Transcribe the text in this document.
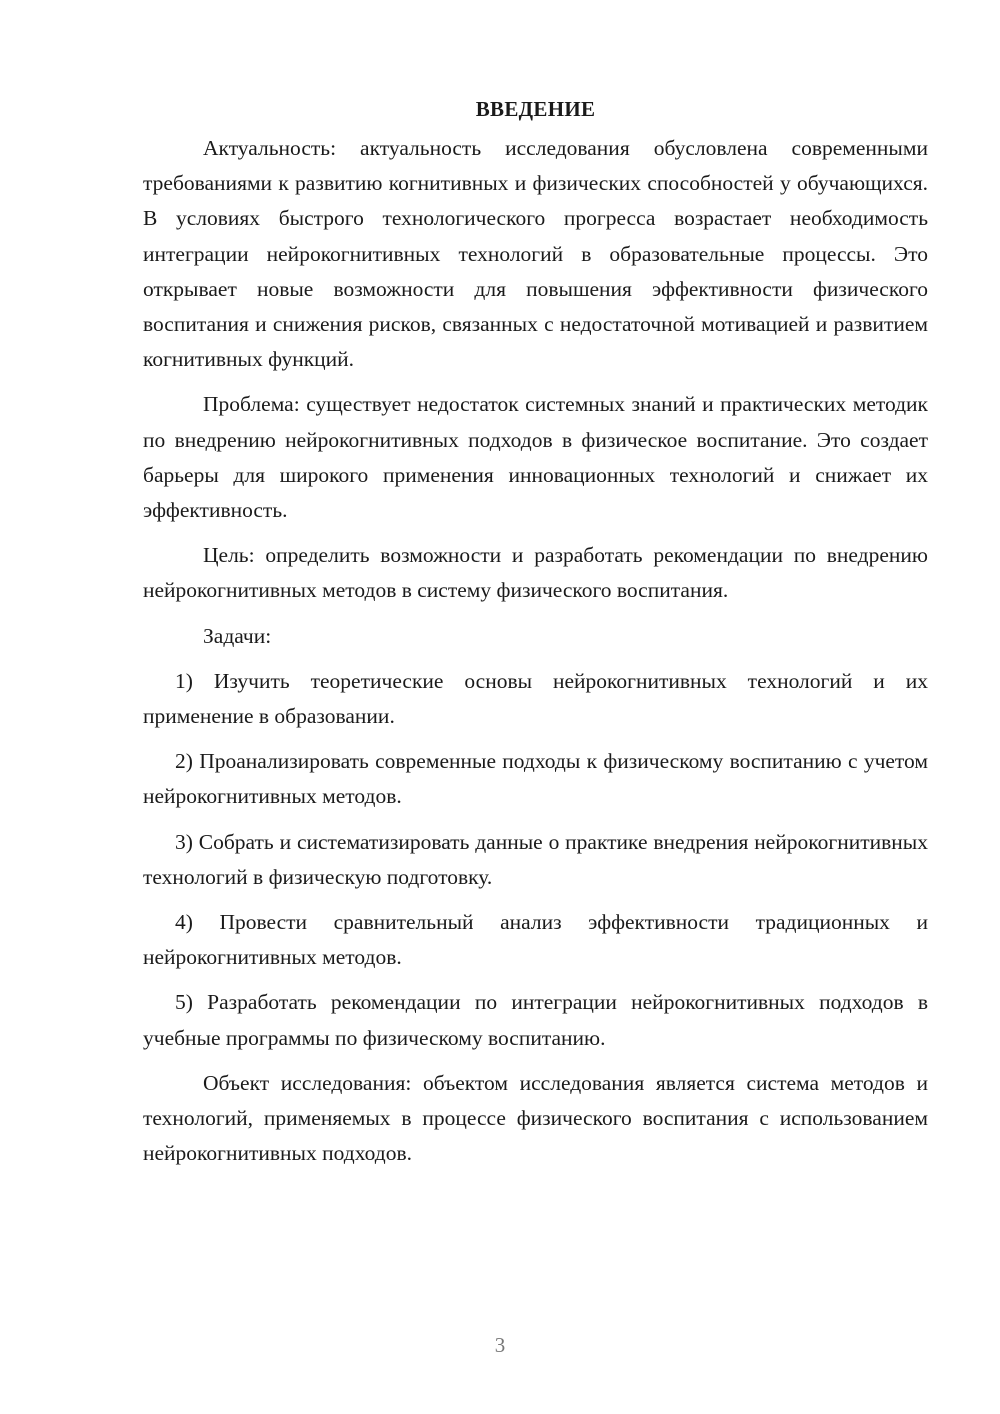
ВВЕДЕНИЕ

Актуальность: актуальность исследования обусловлена современными требованиями к развитию когнитивных и физических способностей у обучающихся. В условиях быстрого технологического прогресса возрастает необходимость интеграции нейрокогнитивных технологий в образовательные процессы. Это открывает новые возможности для повышения эффективности физического воспитания и снижения рисков, связанных с недостаточной мотивацией и развитием когнитивных функций.

Проблема: существует недостаток системных знаний и практических методик по внедрению нейрокогнитивных подходов в физическое воспитание. Это создает барьеры для широкого применения инновационных технологий и снижает их эффективность.

Цель: определить возможности и разработать рекомендации по внедрению нейрокогнитивных методов в систему физического воспитания.

Задачи:

1) Изучить теоретические основы нейрокогнитивных технологий и их применение в образовании.

2) Проанализировать современные подходы к физическому воспитанию с учетом нейрокогнитивных методов.

3) Собрать и систематизировать данные о практике внедрения нейрокогнитивных технологий в физическую подготовку.

4) Провести сравнительный анализ эффективности традиционных и нейрокогнитивных методов.

5) Разработать рекомендации по интеграции нейрокогнитивных подходов в учебные программы по физическому воспитанию.

Объект исследования: объектом исследования является система методов и технологий, применяемых в процессе физического воспитания с использованием нейрокогнитивных подходов.

3
